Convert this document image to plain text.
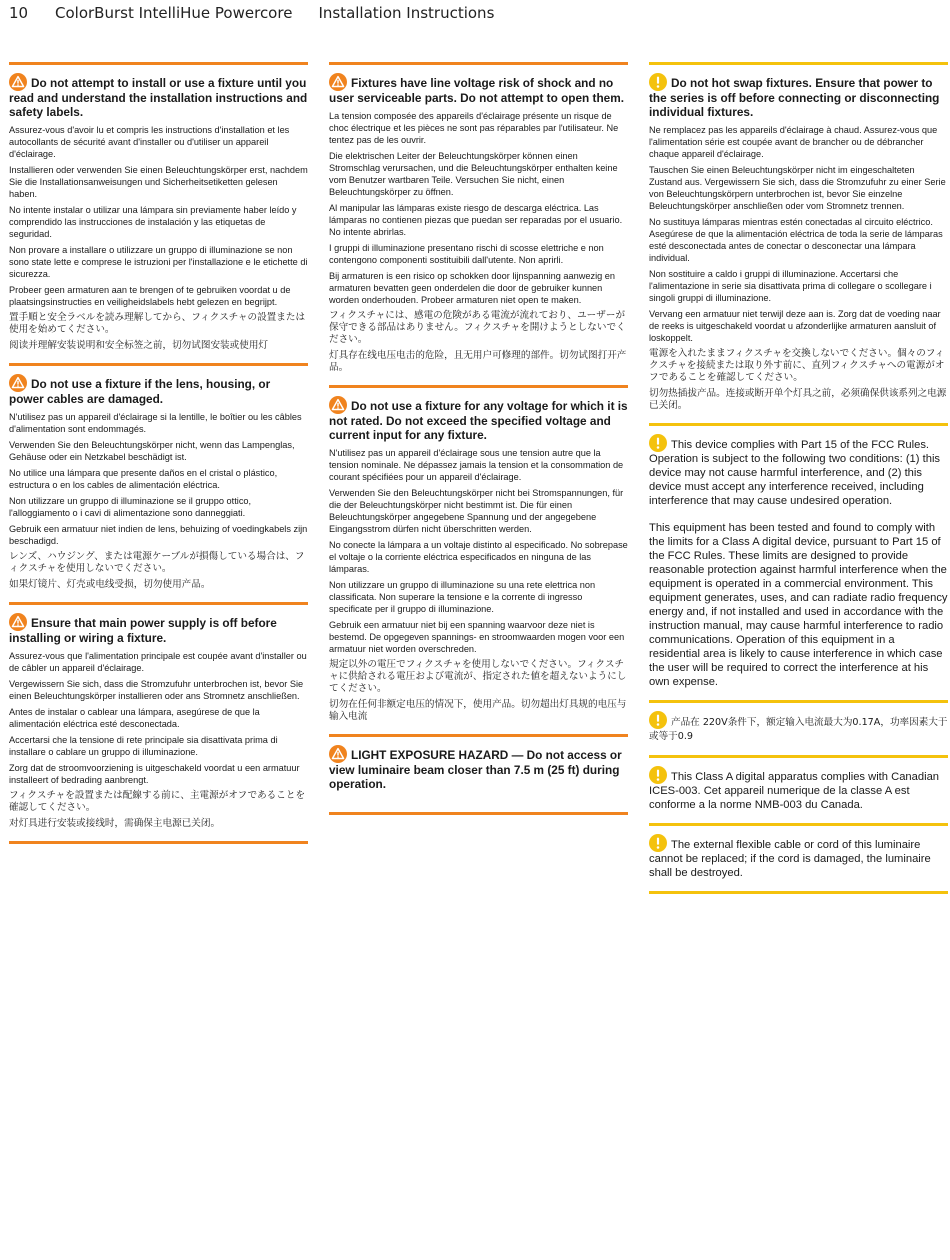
10	ColorBurst IntelliHue Powercore Installation Instructions
Do not attempt to install or use a fixture until you read and understand the installation instructions and safety labels.
Assurez-vous d'avoir lu et compris les instructions d'installation et les autocollants de sécurité avant d'installer ou d'utiliser un appareil d'éclairage.
Installieren oder verwenden Sie einen Beleuchtungskörper erst, nachdem Sie die Installationsanweisungen und Sicherheitsetiketten gelesen haben.
No intente instalar o utilizar una lámpara sin previamente haber leído y comprendido las instrucciones de instalación y las etiquetas de seguridad.
Non provare a installare o utilizzare un gruppo di illuminazione se non sono state lette e comprese le istruzioni per l'installazione e le etichette di sicurezza.
Probeer geen armaturen aan te brengen of te gebruiken voordat u de plaatsingsinstructies en veiligheidslabels hebt gelezen en begrijpt.
置手順と安全ラベルを読み理解してから、フィクスチャの設置または使用を始めてください。
阅读并理解安装说明和安全标签之前，切勿试图安装或使用灯
Do not use a fixture if the lens, housing, or power cables are damaged.
N'utilisez pas un appareil d'éclairage si la lentille, le boîtier ou les câbles d'alimentation sont endommagés.
Verwenden Sie den Beleuchtungskörper nicht, wenn das Lampenglas, Gehäuse oder ein Netzkabel beschädigt ist.
No utilice una lámpara que presente daños en el cristal o plástico, estructura o en los cables de alimentación eléctrica.
Non utilizzare un gruppo di illuminazione se il gruppo ottico, l'alloggiamento o i cavi di alimentazione sono danneggiati.
Gebruik een armatuur niet indien de lens, behuizing of voedingkabels zijn beschadigd.
レンズ、ハウジング、または電源ケーブルが損傷している場合は、フィクスチャを使用しないでください。
如果灯镜片、灯壳或电线受损，切勿使用产品。
Ensure that main power supply is off before installing or wiring a fixture.
Assurez-vous que l'alimentation principale est coupée avant d'installer ou de câbler un appareil d'éclairage.
Vergewissern Sie sich, dass die Stromzufuhr unterbrochen ist, bevor Sie einen Beleuchtungskörper installieren oder ans Stromnetz anschließen.
Antes de instalar o cablear una lámpara, asegúrese de que la alimentación eléctrica esté desconectada.
Accertarsi che la tensione di rete principale sia disattivata prima di installare o cablare un gruppo di illuminazione.
Zorg dat de stroomvoorziening is uitgeschakeld voordat u een armatuur installeert of bedrading aanbrengt.
フィクスチャを設置または配線する前に、主電源がオフであることを確認してください。
对灯具进行安装或接线时，需确保主电源已关闭。
Fixtures have line voltage risk of shock and no user serviceable parts. Do not attempt to open them.
La tension composée des appareils d'éclairage présente un risque de choc électrique et les pièces ne sont pas réparables par l'utilisateur. Ne tentez pas de les ouvrir.
Die elektrischen Leiter der Beleuchtungskörper können einen Stromschlag verursachen, und die Beleuchtungskörper enthalten keine vom Benutzer wartbaren Teile. Versuchen Sie nicht, einen Beleuchtungskörper zu öffnen.
Al manipular las lámparas existe riesgo de descarga eléctrica. Las lámparas no contienen piezas que puedan ser reparadas por el usuario. No intente abrirlas.
I gruppi di illuminazione presentano rischi di scosse elettriche e non contengono componenti sostituibili dall'utente. Non aprirli.
Bij armaturen is een risico op schokken door lijnspanning aanwezig en armaturen bevatten geen onderdelen die door de gebruiker kunnen worden onderhouden. Probeer armaturen niet open te maken.
フィクスチャには、感電の危険がある電流が流れており、ユーザーが保守できる部品はありません。フィクスチャを開けようとしないでください。
灯具存在线电压电击的危险，且无用户可修理的部件。切勿试图打开产品。
Do not use a fixture for any voltage for which it is not rated. Do not exceed the specified voltage and current input for any fixture.
N'utilisez pas un appareil d'éclairage sous une tension autre que la tension nominale. Ne dépassez jamais la tension et la consommation de courant spécifiées pour un appareil d'éclairage.
Verwenden Sie den Beleuchtungskörper nicht bei Stromspannungen, für die der Beleuchtungskörper nicht bestimmt ist. Die für einen Beleuchtungskörper angegebene Spannung und der angegebene Eingangsstrom dürfen nicht überschritten werden.
No conecte la lámpara a un voltaje distinto al especificado. No sobrepase el voltaje o la corriente eléctrica especificados en ninguna de las lámparas.
Non utilizzare un gruppo di illuminazione su una rete elettrica non classificata. Non superare la tensione e la corrente di ingresso specificate per il gruppo di illuminazione.
Gebruik een armatuur niet bij een spanning waarvoor deze niet is bestemd. De opgegeven spannings- en stroomwaarden mogen voor een armatuur niet worden overschreden.
規定以外の電圧でフィクスチャを使用しないでください。フィクスチャに供給される電圧および電流が、指定された値を超えないようにしてください。
切勿在任何非额定电压的情况下，使用产品。切勿超出灯具规的电压与输入电流
LIGHT EXPOSURE HAZARD — Do not access or view luminaire beam closer than 7.5 m (25 ft) during operation.
Do not hot swap fixtures. Ensure that power to the series is off before connecting or disconnecting individual fixtures.
Ne remplacez pas les appareils d'éclairage à chaud. Assurez-vous que l'alimentation série est coupée avant de brancher ou de débrancher chaque appareil d'éclairage.
Tauschen Sie einen Beleuchtungskörper nicht im eingeschalteten Zustand aus. Vergewissern Sie sich, dass die Stromzufuhr zu einer Serie von Beleuchtungskörpern unterbrochen ist, bevor Sie einzelne Beleuchtungskörper anschließen oder vom Stromnetz trennen.
No sustituya lámparas mientras estén conectadas al circuito eléctrico. Asegúrese de que la alimentación eléctrica de toda la serie de lámparas esté desconectada antes de conectar o desconectar una lámpara individual.
Non sostituire a caldo i gruppi di illuminazione. Accertarsi che l'alimentazione in serie sia disattivata prima di collegare o scollegare i singoli gruppi di illuminazione.
Vervang een armatuur niet terwijl deze aan is. Zorg dat de voeding naar de reeks is uitgeschakeld voordat u afzonderlijke armaturen aansluit of loskoppelt.
電源を入れたままフィクスチャを交換しないでください。個々のフィクスチャを接続または取り外す前に、直列フィクスチャへの電源がオフであることを確認してください。
切勿热插拔产品。连接或断开单个灯具之前，必须确保供该系列之电源已关闭。
This device complies with Part 15 of the FCC Rules. Operation is subject to the following two conditions: (1) this device may not cause harmful interference, and (2) this device must accept any interference received, including interference that may cause undesired operation.
This equipment has been tested and found to comply with the limits for a Class A digital device, pursuant to Part 15 of the FCC Rules. These limits are designed to provide reasonable protection against harmful interference when the equipment is operated in a commercial environment. This equipment generates, uses, and can radiate radio frequency energy and, if not installed and used in accordance with the instruction manual, may cause harmful interference to radio communications. Operation of this equipment in a residential area is likely to cause interference in which case the user will be required to correct the interference at his own expense.
产品在 220V条件下，额定输入电流最大为0.17A，功率因素大于或等于0.9
This Class A digital apparatus complies with Canadian ICES-003. Cet appareil numerique de la classe A est conforme a la norme NMB-003 du Canada.
The external flexible cable or cord of this luminaire cannot be replaced; if the cord is damaged, the luminaire shall be destroyed.
